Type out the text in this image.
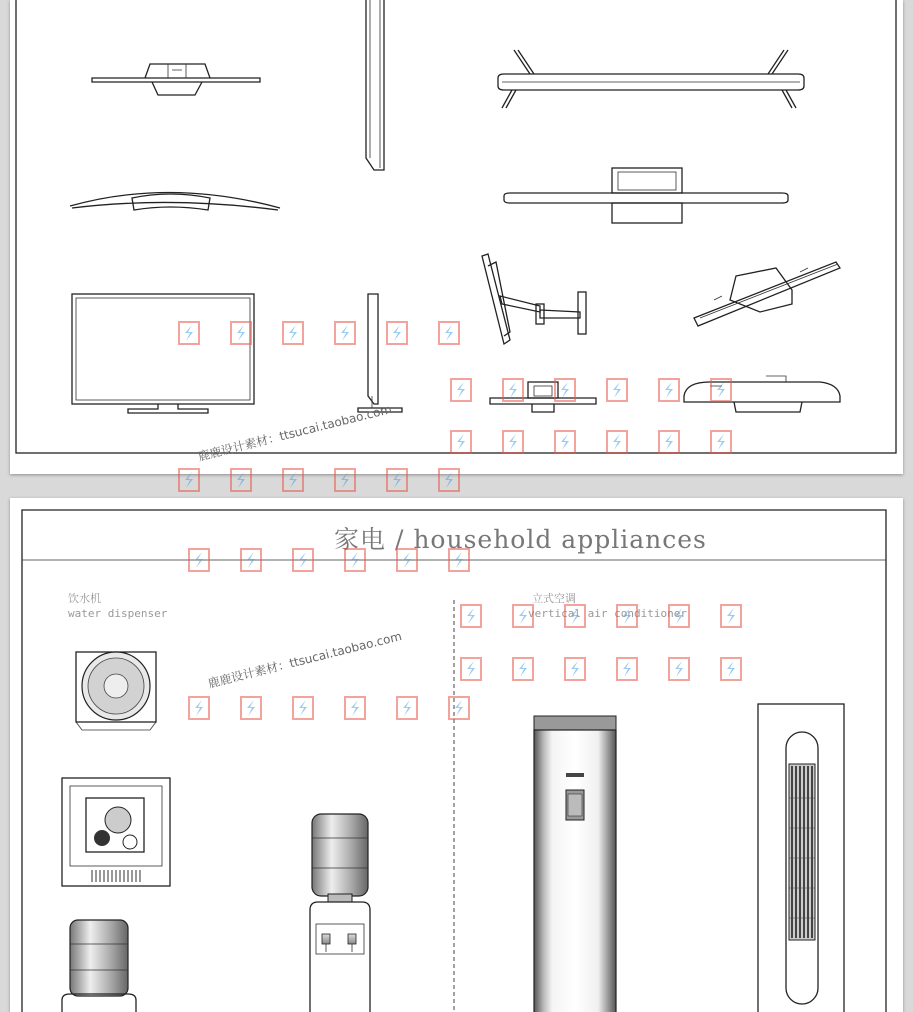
家电 / household appliances
饮水机
water dispenser
立式空调
vertical air conditioner
鹿鹿设计素材：ttsucai.taobao.com
鹿鹿设计素材：ttsucai.taobao.com
